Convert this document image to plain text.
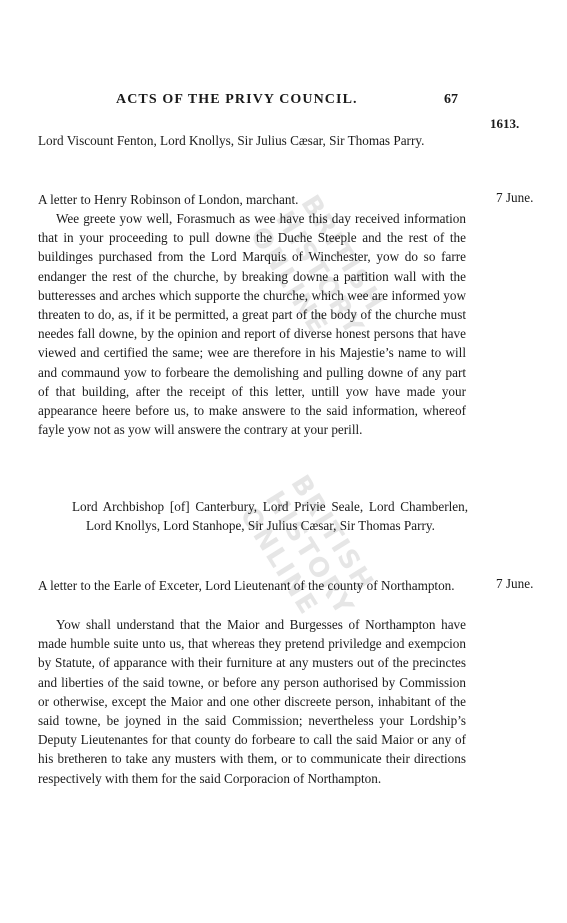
BRITISH HISTORY ONLINE
BRITISH HISTORY ONLINE
ACTS OF THE PRIVY COUNCIL.	67
1613.

Lord Viscount Fenton, Lord Knollys, Sir Julius Cæsar, Sir Thomas Parry.

A letter to Henry Robinson of London, marchant.	7 June.

Wee greete yow well, Forasmuch as wee have this day received information that in your proceeding to pull downe the Duche Steeple and the rest of the buildinges purchased from the Lord Marquis of Winchester, yow do so farre endanger the rest of the churche, by breaking downe a partition wall with the butteresses and arches which supporte the churche, which wee are informed yow threaten to do, as, if it be permitted, a great part of the body of the churche must needes fall downe, by the opinion and report of diverse honest persons that have viewed and certified the same; wee are therefore in his Majestie’s name to will and commaund yow to forbeare the demolishing and pulling downe of any part of that building, after the receipt of this letter, untill yow have made your appearance heere before us, to make answere to the said information, whereof fayle yow not as yow will answere the contrary at your perill.

Lord Archbishop [of] Canterbury, Lord Privie Seale, Lord Chamberlen, Lord Knollys, Lord Stanhope, Sir Julius Cæsar, Sir Thomas Parry.

A letter to the Earle of Exceter, Lord Lieutenant of the county of Northampton.	7 June.

Yow shall understand that the Maior and Burgesses of Northampton have made humble suite unto us, that whereas they pretend priviledge and exempcion by Statute, of apparance with their furniture at any musters out of the precinctes and liberties of the said towne, or before any person authorised by Commission or otherwise, except the Maior and one other discreete person, inhabitant of the said towne, be joyned in the said Commission; nevertheless your Lordship’s Deputy Lieutenantes for that county do forbeare to call the said Maior or any of his bretheren to take any musters with them, or to communicate their directions respectively with them for the said Corporacion of Northampton.
